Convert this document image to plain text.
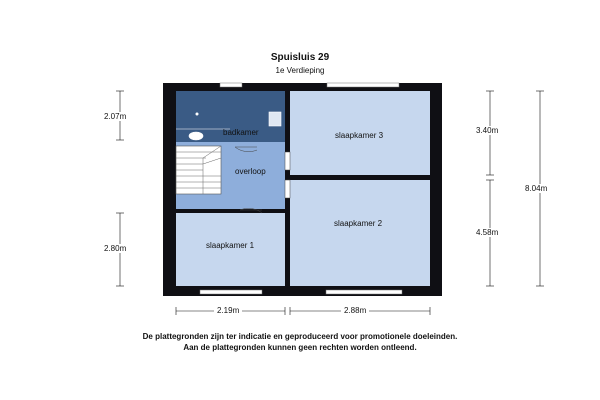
Spuisluis 29
1e Verdieping
badkamer
overloop
slaapkamer 3
slaapkamer 2
slaapkamer 1
2.07m
2.80m
3.40m
4.58m
8.04m
2.19m	2.88m
De plattegronden zijn ter indicatie en geproduceerd voor promotionele doeleinden.
Aan de plattegronden kunnen geen rechten worden ontleend.
